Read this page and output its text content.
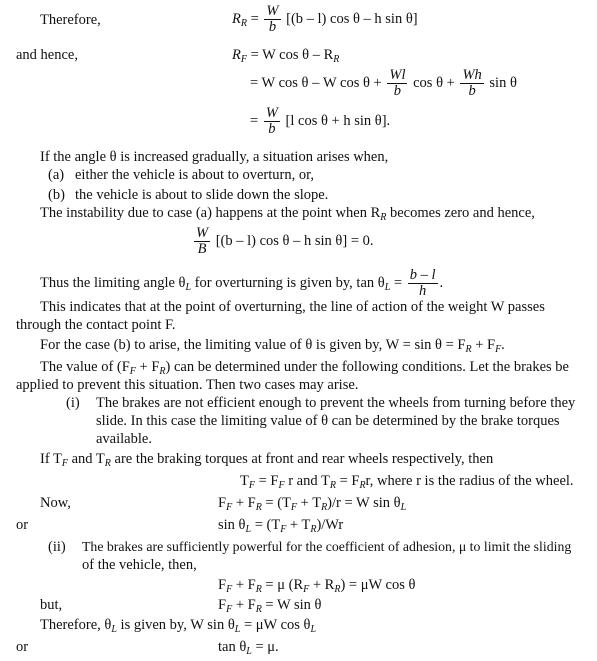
Therefore,	$R_R = \frac{W}{b} [(b - l)$ cos θ – h sin θ]
and hence,	$R_F = W$ cos θ – $R_R$
= W cos θ – W $\cos \theta + \frac{Wl}{b}$ $\cos \theta + \frac{Wh}{b}$ sin θ
= $\frac{W}{b} [l$ cos θ + h sin θ].
If the angle θ is increased gradually, a situation arises when,
(a) either the vehicle is about to overturn, or,
(b) the vehicle is about to slide down the slope.
The instability due to case (a) happens at the point when $R_R$ becomes zero and hence,
$\frac{W}{B} [(b - l)$ cos θ – h sin θ] = 0.
Thus the limiting angle $\theta_L$ for overturning is given by, $\tan \theta_L = \frac{b - l}{h}$ .
This indicates that at the point of overturning, the line of action of the weight W passes
through the contact point F.
For the case (b) to arise, the limiting value of θ is given by, $W = \sin \theta = F_R + F_F$.
The value of $(F_F + F_R)$ can be determined under the following conditions. Let the brakes be
applied to prevent this situation. Then two cases may arise.
(i) The brakes are not efficient enough to prevent the wheels from turning before they
slide. In this case the limiting value of θ can be determined by the brake torques
available.
If $T_F$ and $T_R$ are the braking torques at front and rear wheels respectively, then
$T_F = F_F$ r and $T_R = F_Rr$, where r is the radius of the wheel.
Now,	$F_F + F_R = (T_F + T_R)/r = W$ $\sin \theta_L$
or	$\sin \theta_L = (T_F + T_R)/Wr$
(ii) The brakes are sufficiently powerful for the coefficient of adhesion, μ to limit the sliding
of the vehicle, then,
$F_F + F_R = \mu$ $(R_F + R_R) = \mu W$ cos θ
but,	$F_F + F_R = W$ sin θ
Therefore, $\theta_L$ is given by, W $\sin \theta_L = \mu W$ $\cos \theta_L$
or	$\tan \theta_L = \mu$.
